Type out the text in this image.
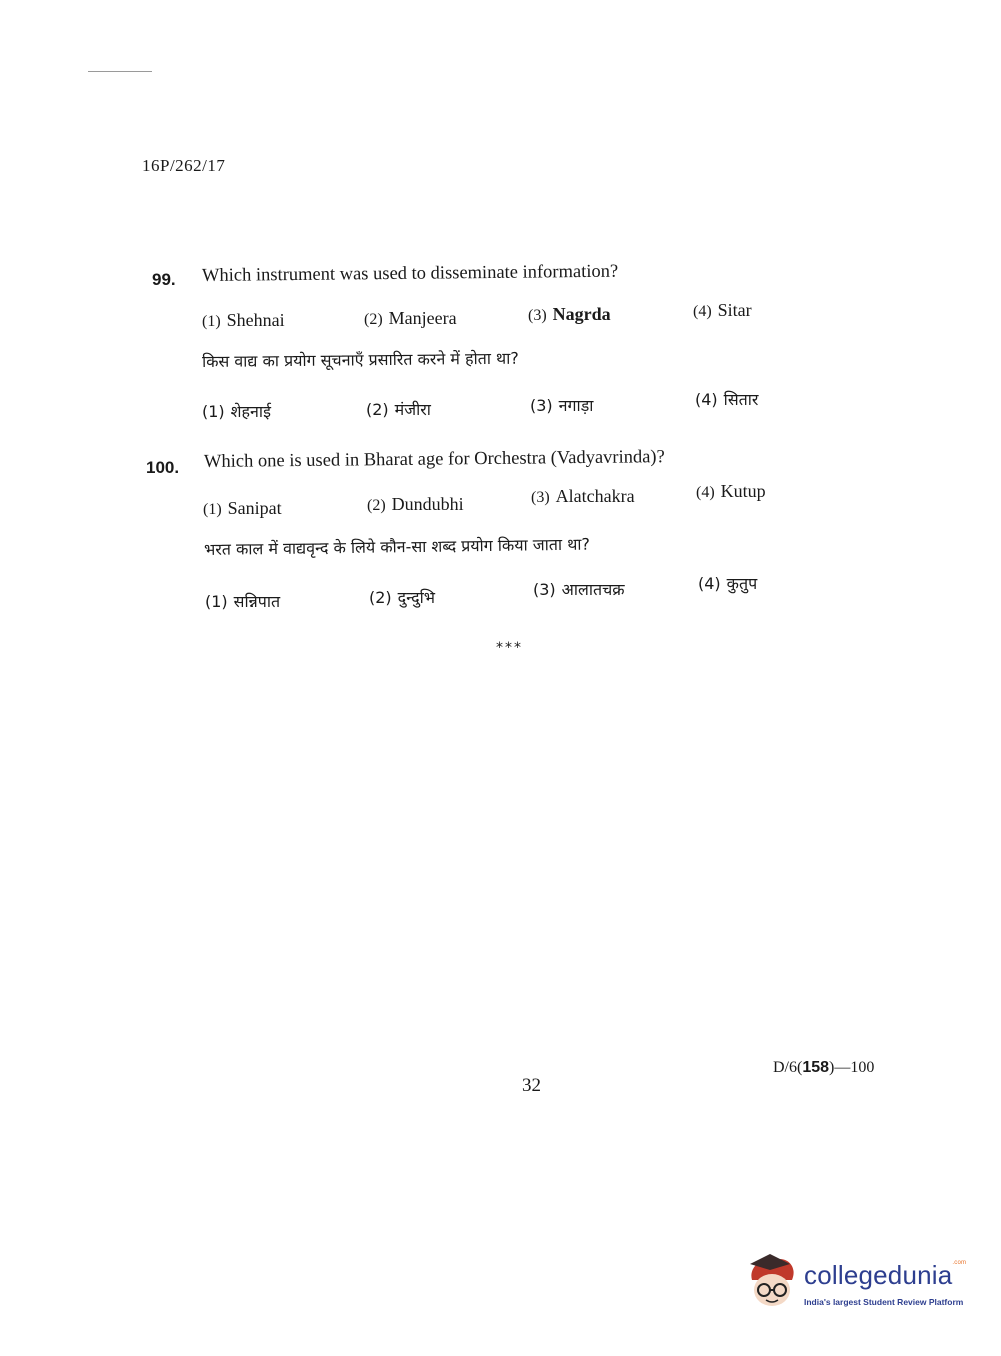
16P/262/17
99. Which instrument was used to disseminate information?
(1) Shehnai	(2) Manjeera	(3) Nagrda	(4) Sitar
किस वाद्य का प्रयोग सूचनाएँ प्रसारित करने में होता था?
(1) शेहनाई	(2) मंजीरा	(3) नगाड़ा	(4) सितार
100. Which one is used in Bharat age for Orchestra (Vadyavrinda)?
(1) Sanipat	(2) Dundubhi	(3) Alatchakra	(4) Kutup
भरत काल में वाद्यवृन्द के लिये कौन-सा शब्द प्रयोग किया जाता था?
(1) सन्निपात	(2) दुन्दुभि	(3) आलातचक्र	(4) कुतुप
***
32
D/6(158)—100
collegedunia$^{.com}$
India's largest Student Review Platform
